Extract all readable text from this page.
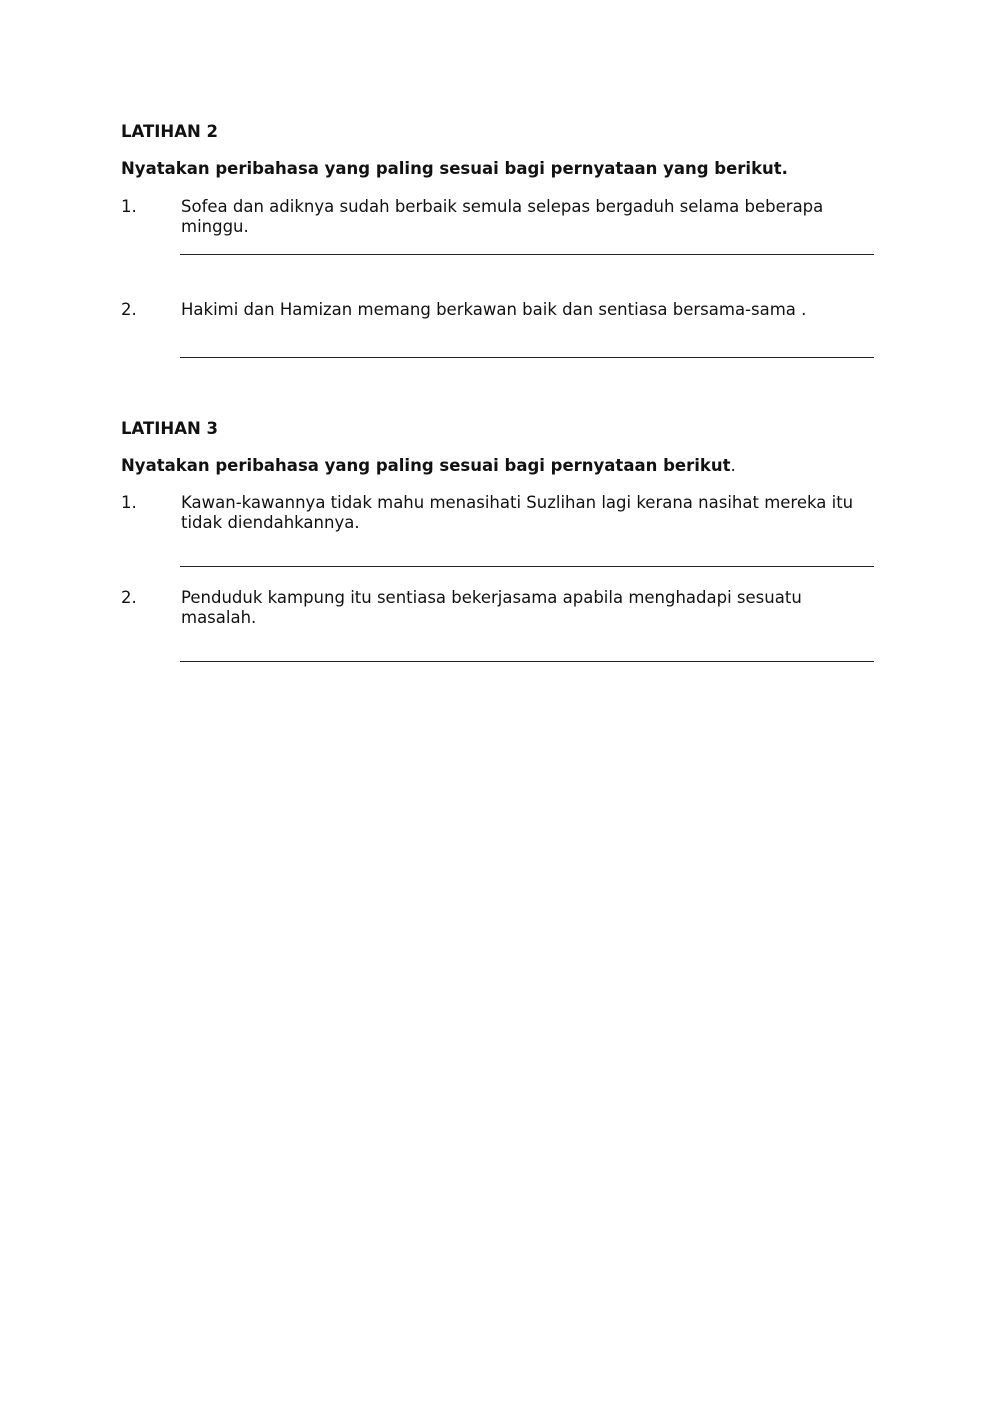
LATIHAN 2
Nyatakan peribahasa yang paling sesuai bagi pernyataan yang berikut.
1.	Sofea dan adiknya sudah berbaik semula selepas bergaduh selama beberapa
minggu.
2.	Hakimi dan Hamizan memang berkawan baik dan sentiasa bersama-sama .
LATIHAN 3
Nyatakan peribahasa yang paling sesuai bagi pernyataan berikut.
1.	Kawan-kawannya tidak mahu menasihati Suzlihan lagi kerana nasihat mereka itu
tidak diendahkannya.
2.	Penduduk kampung itu sentiasa bekerjasama apabila menghadapi sesuatu
masalah.
